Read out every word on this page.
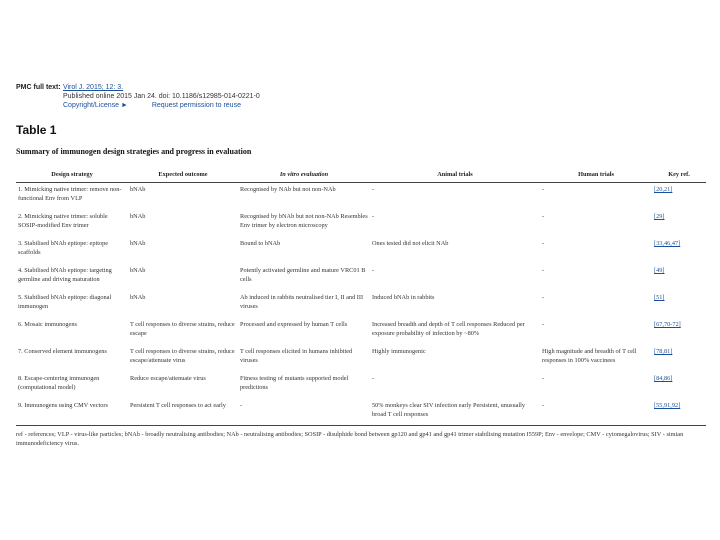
PMC full text: Virol J. 2015; 12: 3.
Published online 2015 Jan 24. doi: 10.1186/s12985-014-0221-0
Copyright/License ►	Request permission to reuse
Table 1
Summary of immunogen design strategies and progress in evaluation
Design strategy	Expected outcome	In vitro evaluation	Animal trials	Human trials	Key ref.
1. Mimicking native trimer: remove non-functional Env from VLP	bNAb	Recognised by NAb but not non-NAb	-	-	[20,21]
2. Mimicking native trimer: soluble SOSIP-modified Env trimer	bNAb	Recognised by bNAb but not non-NAb Resembles Env trimer by electron microscopy	-	-	[29]
3. Stabilised bNAb epitope: epitope scaffolds	bNAb	Bound to bNAb	Ones tested did not elicit NAb	-	[33,46,47]
4. Stabilised bNAb epitope: targeting germline and driving maturation	bNAb	Potently activated germline and mature VRC01 B cells	-	-	[49]
5. Stabilised bNAb epitope: diagonal immunogen	bNAb	Ab induced in rabbits neutralised tier I, II and III viruses	Induced bNAb in rabbits	-	[51]
6. Mosaic immunogens	T cell responses to diverse strains, reduce escape	Processed and expressed by human T cells	Increased breadth and depth of T cell responses Reduced per exposure probability of infection by ~80%	-	[67,70-72]
7. Conserved element immunogens	T cell responses to diverse strains, reduce escape/attenuate virus	T cell responses elicited in humans inhibited viruses	Highly immunogenic	High magnitude and breadth of T cell responses in 100% vaccinees	[78,81]
8. Escape-centering immunogen (computational model)	Reduce escape/attenuate virus	Fitness testing of mutants supported model predictions	-	-	[84,86]
9. Immunogens using CMV vectors	Persistent T cell responses to act early	-	50% monkeys clear SIV infection early Persistent, unusually broad T cell responses	-	[55,91,92]
ref - references; VLP - virus-like particles; bNAb - broadly neutralising antibodies; NAb - neutralising antibodies; SOSIP - disulphide bond between gp120 and gp41 and gp41 trimer stabilising mutation I559P; Env - envelope; CMV - cytomegalovirus; SIV - simian immunodeficiency virus.
